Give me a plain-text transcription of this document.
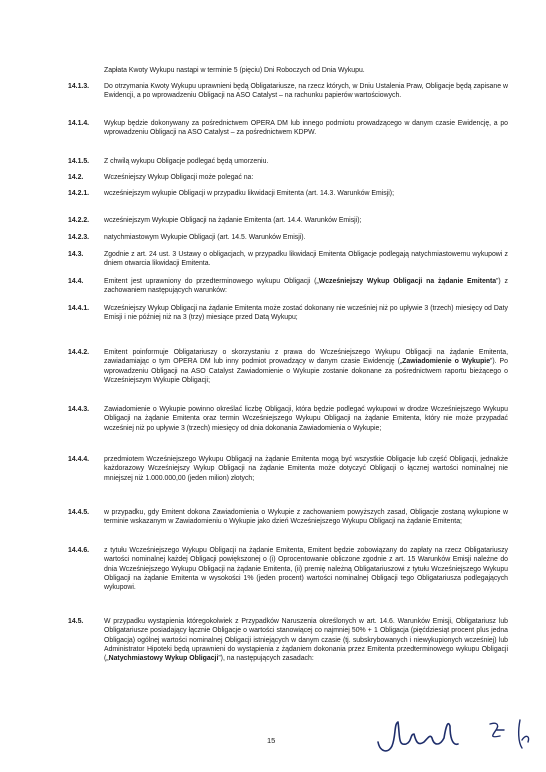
Zapłata Kwoty Wykupu nastąpi w terminie 5 (pięciu) Dni Roboczych od Dnia Wykupu.
14.1.3.	Do otrzymania Kwoty Wykupu uprawnieni będą Obligatariusze, na rzecz których, w Dniu Ustalenia Praw, Obligacje będą zapisane w Ewidencji, a po wprowadzeniu Obligacji na ASO Catalyst – na rachunku papierów wartościowych.
14.1.4.	Wykup będzie dokonywany za pośrednictwem OPERA DM lub innego podmiotu prowadzącego w danym czasie Ewidencję, a po wprowadzeniu Obligacji na ASO Catalyst – za pośrednictwem KDPW.
14.1.5.	Z chwilą wykupu Obligacje podlegać będą umorzeniu.
14.2.	Wcześniejszy Wykup Obligacji może polegać na:
14.2.1.	wcześniejszym wykupie Obligacji w przypadku likwidacji Emitenta (art. 14.3. Warunków Emisji);
14.2.2.	wcześniejszym Wykupie Obligacji na żądanie Emitenta (art. 14.4. Warunków Emisji);
14.2.3.	natychmiastowym Wykupie Obligacji (art. 14.5. Warunków Emisji).
14.3.	Zgodnie z art. 24 ust. 3 Ustawy o obligacjach, w przypadku likwidacji Emitenta Obligacje podlegają natychmiastowemu wykupowi z dniem otwarcia likwidacji Emitenta.
14.4.	Emitent jest uprawniony do przedterminowego wykupu Obligacji („Wcześniejszy Wykup Obligacji na żądanie Emitenta”) z zachowaniem następujących warunków:
14.4.1.	Wcześniejszy Wykup Obligacji na żądanie Emitenta może zostać dokonany nie wcześniej niż po upływie 3 (trzech) miesięcy od Daty Emisji i nie później niż na 3 (trzy) miesiące przed Datą Wykupu;
14.4.2.	Emitent poinformuje Obligatariuszy o skorzystaniu z prawa do Wcześniejszego Wykupu Obligacji na żądanie Emitenta, zawiadamiając o tym OPERA DM lub inny podmiot prowadzący w danym czasie Ewidencję („Zawiadomienie o Wykupie”). Po wprowadzeniu Obligacji na ASO Catalyst Zawiadomienie o Wykupie zostanie dokonane za pośrednictwem raportu bieżącego o Wcześniejszym Wykupie Obligacji;
14.4.3.	Zawiadomienie o Wykupie powinno określać liczbę Obligacji, która będzie podlegać wykupowi w drodze Wcześniejszego Wykupu Obligacji na żądanie Emitenta oraz termin Wcześniejszego Wykupu Obligacji na żądanie Emitenta, który nie może przypadać wcześniej niż po upływie 3 (trzech) miesięcy od dnia dokonania Zawiadomienia o Wykupie;
14.4.4.	przedmiotem Wcześniejszego Wykupu Obligacji na żądanie Emitenta mogą być wszystkie Obligacje lub część Obligacji, jednakże każdorazowy Wcześniejszy Wykup Obligacji na żądanie Emitenta może dotyczyć Obligacji o łącznej wartości nominalnej nie mniejszej niż 1.000.000,00 (jeden milion) złotych;
14.4.5.	w przypadku, gdy Emitent dokona Zawiadomienia o Wykupie z zachowaniem powyższych zasad, Obligacje zostaną wykupione w terminie wskazanym w Zawiadomieniu o Wykupie jako dzień Wcześniejszego Wykupu Obligacji na żądanie Emitenta;
14.4.6.	z tytułu Wcześniejszego Wykupu Obligacji na żądanie Emitenta, Emitent będzie zobowiązany do zapłaty na rzecz Obligatariuszy wartości nominalnej każdej Obligacji powiększonej o (i) Oprocentowanie obliczone zgodnie z art. 15 Warunków Emisji należne do dnia Wcześniejszego Wykupu Obligacji na żądanie Emitenta, (ii) premię należną Obligatariuszowi z tytułu Wcześniejszego Wykupu Obligacji na żądanie Emitenta w wysokości 1% (jeden procent) wartości nominalnej Obligacji tego Obligatariusza podlegających wykupowi.
14.5.	W przypadku wystąpienia któregokolwiek z Przypadków Naruszenia określonych w art. 14.6. Warunków Emisji, Obligatariusz lub Obligatariusze posiadający łącznie Obligacje o wartości stanowiącej co najmniej 50% + 1 Obligacja (pięćdziesiąt procent plus jedna Obligacja) ogólnej wartości nominalnej Obligacji istniejących w danym czasie (tj. subskrybowanych i niewykupionych wcześniej) lub Administrator Hipoteki będą uprawnieni do wystąpienia z żądaniem dokonania przez Emitenta przedterminowego wykupu Obligacji („Natychmiastowy Wykup Obligacji”), na następujących zasadach:
15
